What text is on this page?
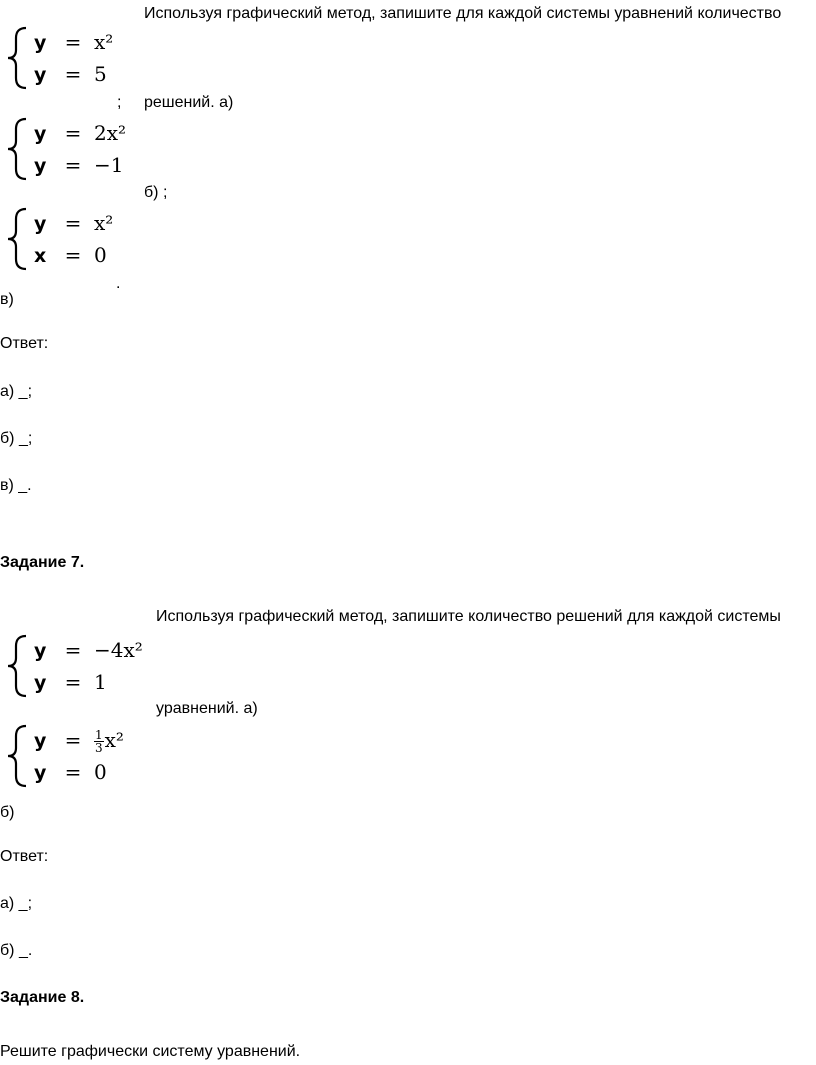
Используя графический метод, запишите для каждой системы уравнений количество
y = x²
y = 5
; решений. а)
y = 2x²
y = −1
б) ;
y = x²
x = 0
.
в)
Ответ:
а) _;
б) _;
в) _.
Задание 7.
Используя графический метод, запишите количество решений для каждой системы
y = −4x²
y = 1
уравнений. а)
$y = \frac{1}{3} x^2$
y = 0
б)
Ответ:
а) _;
б) _.
Задание 8.
Решите графически систему уравнений.
